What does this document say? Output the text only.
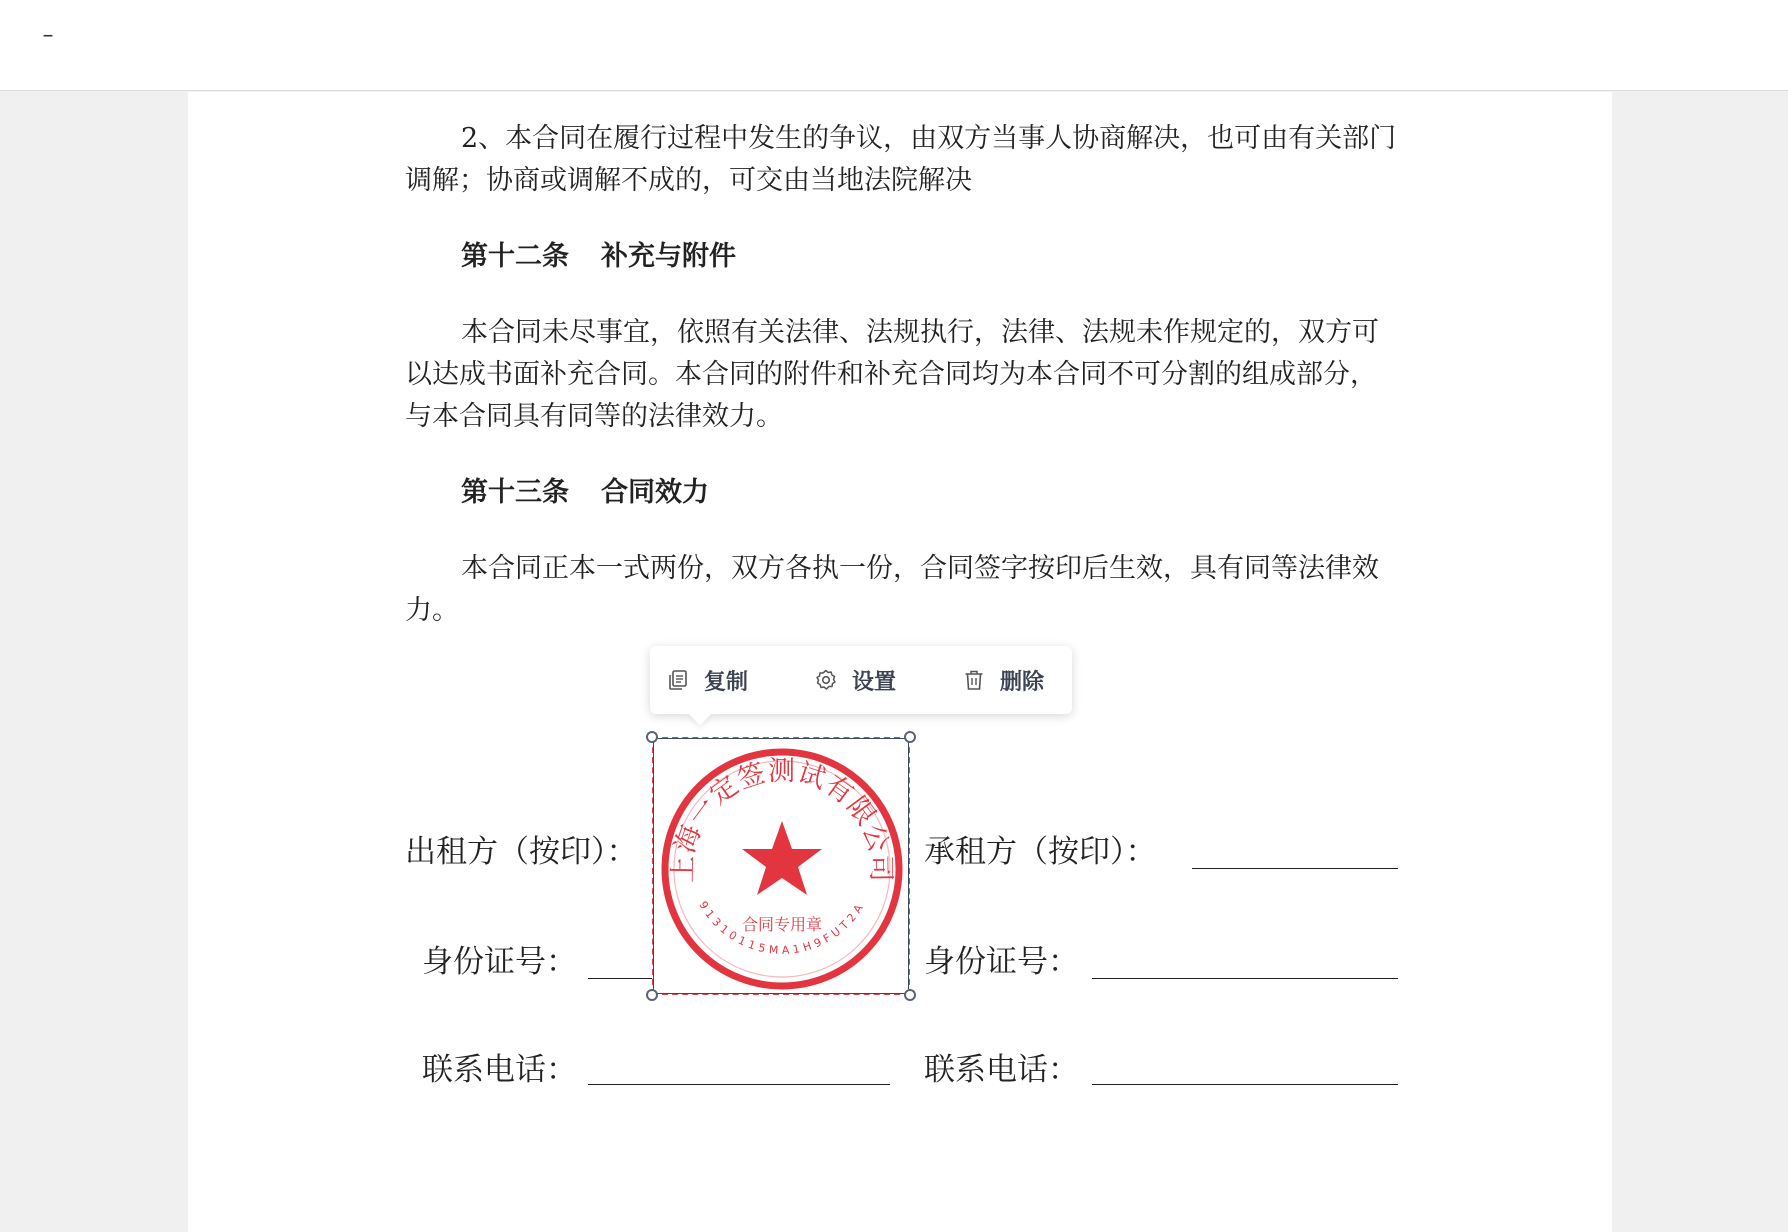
–

2、本合同在履行过程中发生的争议，由双方当事人协商解决，也可由有关部门调解；协商或调解不成的，可交由当地法院解决

第十二条 补充与附件

本合同未尽事宜，依照有关法律、法规执行，法律、法规未作规定的，双方可以达成书面补充合同。本合同的附件和补充合同均为本合同不可分割的组成部分，与本合同具有同等的法律效力。

第十三条 合同效力

本合同正本一式两份，双方各执一份，合同签字按印后生效，具有同等法律效力。

出租方（按印）：	承租方（按印）：
身份证号：	身份证号：
联系电话：	联系电话：
复制	设置	删除
上海一定签测试有限公司
91310115MA1H9FUT2A
合同专用章
